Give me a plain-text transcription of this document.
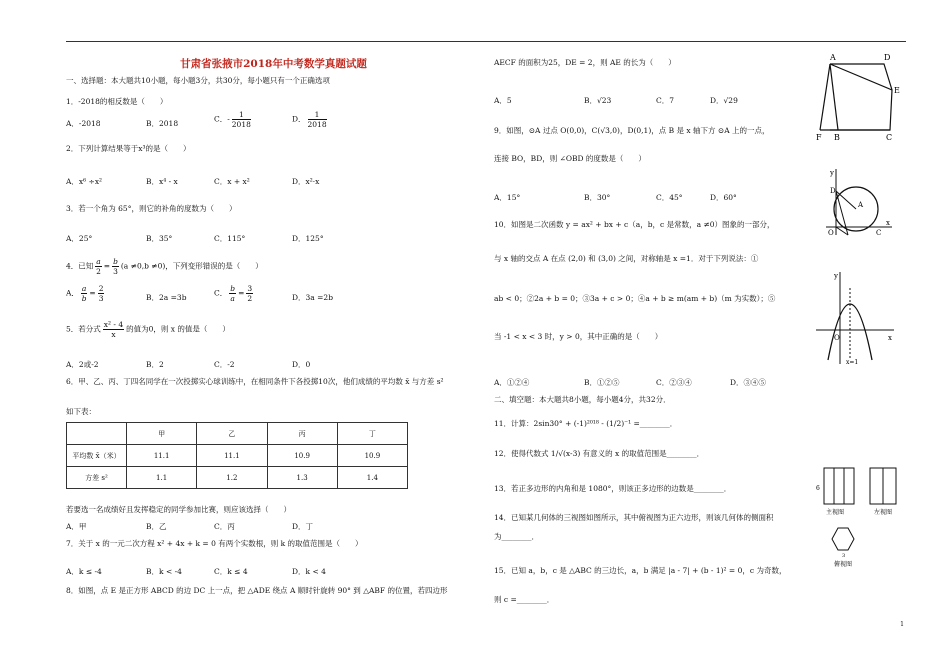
甘肃省张掖市2018年中考数学真题试题
一、选择题：本大题共10小题，每小题3分，共30分，每小题只有一个正确选项
1．-2018的相反数是（　　）
A．-2018	B．2018	C．- $\frac{1}{2018}$	D． $\frac{1}{2018}$
2．下列计算结果等于x³的是（　　）
A．x⁶ ÷x²	B．x⁴ - x	C．x + x²	D．x²·x
3．若一个角为 65°，则它的补角的度数为（　　）
A．25°	B．35°	C．115°	D．125°
4．已知 $\frac{a}{2} = \frac{b}{3} (a \ne 0,b \ne 0)$，下列变形错误的是（　　）
A． $\frac{a}{b} = \frac{2}{3}$	B．2a =3b	C． $\frac{b}{a} = \frac{3}{2}$	D．3a =2b
5．若分式 $\frac{\text{x² - 4}}{x}$ 的值为0，则 x 的值是（　　）
A．2或-2	B．2	C．-2	D．0
6．甲、乙、丙、丁四名同学在一次投掷实心球训练中，在相同条件下各投掷10次，他们成绩的平均数 x̄ 与方差 s²
如下表：
	甲	乙	丙	丁
平均数 x̄（米）	11.1	11.1	10.9	10.9
方差 s²	1.1	1.2	1.3	1.4
若要选一名成绩好且发挥稳定的同学参加比赛，则应该选择（　　）
A．甲	B．乙	C．丙	D．丁
7．关于 x 的一元二次方程 x² + 4x + k = 0 有两个实数根，则 k 的取值范围是（　　）
A．k ≤ -4	B．k < -4	C．k ≤ 4	D．k < 4
8．如图，点 E 是正方形 ABCD 的边 DC 上一点，把 △ADE 绕点 A 顺时针旋转 90° 到 △ABF 的位置，若四边形
AECF 的面积为25，DE = 2，则 AE 的长为（　　）
A．5	B．√23	C．7	D．√29
9．如图，⊙A 过点 O(0,0)，C(√3,0)，D(0,1)，点 B 是 x 轴下方 ⊙A 上的一点，
连接 BO，BD，则 ∠OBD 的度数是（　　）
A．15°	B．30°	C．45°	D．60°
10．如图是二次函数 y = ax² + bx + c（a，b，c 是常数，a ≠0）图象的一部分，
与 x 轴的交点 A 在点 (2,0) 和 (3,0) 之间，对称轴是 x =1．对于下列说法：①
ab < 0；②2a + b = 0；③3a + c > 0；④a + b ≥ m(am + b)（m 为实数）；⑤
当 -1 < x < 3 时，y > 0，其中正确的是（　　）
A．①②④	B．①②⑤	C．②③④	D．③④⑤
二、填空题：本大题共8小题，每小题4分，共32分．
11．计算：2sin30° + (-1)²⁰¹⁸ - (1/2)⁻¹ =________．
12．使得代数式 1/√(x-3) 有意义的 x 的取值范围是________．
13．若正多边形的内角和是 1080°，则该正多边形的边数是________．
14．已知某几何体的三视图如图所示，其中俯视图为正六边形，则该几何体的侧面积
为________．
15．已知 a，b，c 是 △ABC 的三边长，a，b 满足 |a - 7| + (b - 1)² = 0，c 为奇数，
则 c =________．
A	D
E
F B	C
y
D
A
O	C
x
y
x
O
x=1
6
主视图	左视图
3
俯视图
1
